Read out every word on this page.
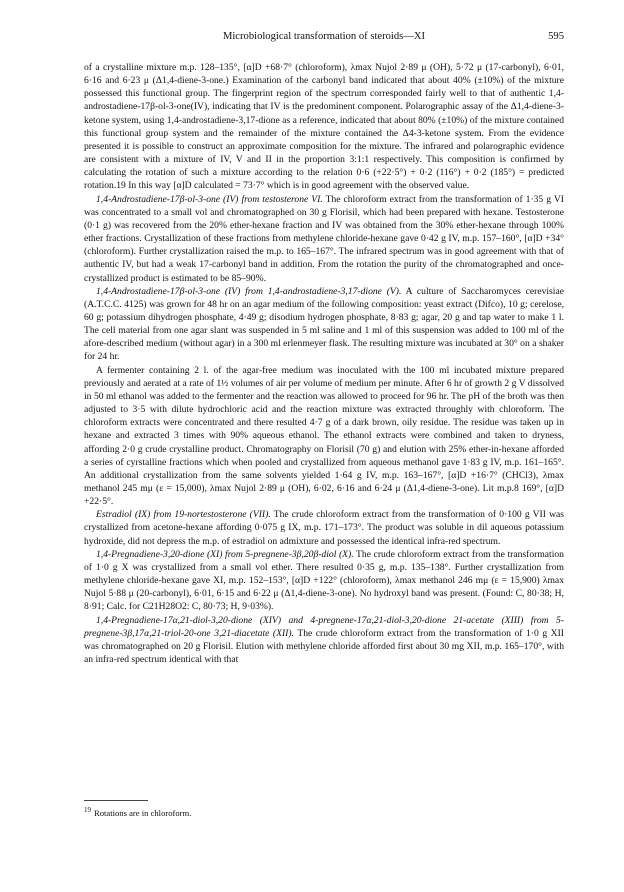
Microbiological transformation of steroids—XI	595

of a crystalline mixture m.p. 128–135°, [α]D +68·7° (chloroform), λmax Nujol 2·89 μ (OH), 5·72 μ (17-carbonyl), 6·01, 6·16 and 6·23 μ (Δ1,4-diene-3-one.) Examination of the carbonyl band indicated that about 40% (±10%) of the mixture possessed this functional group. The fingerprint region of the spectrum corresponded fairly well to that of authentic 1,4-androstadiene-17β-ol-3-one(IV), indicating that IV is the predominent component. Polarographic assay of the Δ1,4-diene-3-ketone system, using 1,4-androstadiene-3,17-dione as a reference, indicated that about 80% (±10%) of the mixture contained this functional group system and the remainder of the mixture contained the Δ4-3-ketone system. From the evidence presented it is possible to construct an approximate composition for the mixture. The infrared and polarographic evidence are consistent with a mixture of IV, V and II in the proportion 3:1:1 respectively. This composition is confirmed by calculating the rotation of such a mixture according to the relation 0·6 (+22·5°) + 0·2 (116°) + 0·2 (185°) = predicted rotation.19 In this way [α]D calculated = 73·7° which is in good agreement with the observed value.

1,4-Androstadiene-17β-ol-3-one (IV) from testosterone VI. The chloroform extract from the transformation of 1·35 g VI was concentrated to a small vol and chromatographed on 30 g Florisil, which had been prepared with hexane. Testosterone (0·1 g) was recovered from the 20% ether-hexane fraction and IV was obtained from the 30% ether-hexane through 100% ether fractions. Crystallization of these fractions from methylene chloride-hexane gave 0·42 g IV, m.p. 157–160°, [α]D +34° (chloroform). Further crystallization raised the m.p. to 165–167°. The infrared spectrum was in good agreement with that of authentic IV, but had a weak 17-carbonyl band in addition. From the rotation the purity of the chromatographed and once-crystallized product is estimated to be 85–90%.

1,4-Androstadiene-17β-ol-3-one (IV) from 1,4-androstadiene-3,17-dione (V). A culture of Saccharomyces cerevisiae (A.T.C.C. 4125) was grown for 48 hr on an agar medium of the following composition: yeast extract (Difco), 10 g; cerelose, 60 g; potassium dihydrogen phosphate, 4·49 g; disodium hydrogen phosphate, 8·83 g; agar, 20 g and tap water to make 1 l. The cell material from one agar slant was suspended in 5 ml saline and 1 ml of this suspension was added to 100 ml of the afore-described medium (without agar) in a 300 ml erlenmeyer flask. The resulting mixture was incubated at 30° on a shaker for 24 hr.

A fermenter containing 2 l. of the agar-free medium was inoculated with the 100 ml incubated mixture prepared previously and aerated at a rate of 1½ volumes of air per volume of medium per minute. After 6 hr of growth 2 g V dissolved in 50 ml ethanol was added to the fermenter and the reaction was allowed to proceed for 96 hr. The pH of the broth was then adjusted to 3·5 with dilute hydrochloric acid and the reaction mixture was extracted throughly with chloroform. The chloroform extracts were concentrated and there resulted 4·7 g of a dark brown, oily residue. The residue was taken up in hexane and extracted 3 times with 90% aqueous ethanol. The ethanol extracts were combined and taken to dryness, affording 2·0 g crude crystalline product. Chromatography on Florisil (70 g) and elution with 25% ether-in-hexane afforded a series of cyrstalline fractions which when pooled and crystallized from aqueous methanol gave 1·83 g IV, m.p. 161–165°. An additional crystallization from the same solvents yielded 1·64 g IV, m.p. 163–167°, [α]D +16·7° (CHCl3), λmax methanol 245 mμ (ε = 15,000), λmax Nujol 2·89 μ (OH), 6·02, 6·16 and 6·24 μ (Δ1,4-diene-3-one). Lit m.p.8 169°, [α]D +22·5°.

Estradiol (IX) from 19-nortestosterone (VII). The crude chloroform extract from the transformation of 0·100 g VII was crystallized from acetone-hexane affording 0·075 g IX, m.p. 171–173°. The product was soluble in dil aqueous potassium hydroxide, did not depress the m.p. of estradiol on admixture and possessed the identical infra-red spectrum.

1,4-Pregnadiene-3,20-dione (XI) from 5-pregnene-3β,20β-diol (X). The crude chloroform extract from the transformation of 1·0 g X was crystallized from a small vol ether. There resulted 0·35 g, m.p. 135–138°. Further crystallization from methylene chloride-hexane gave XI, m.p. 152–153°, [α]D +122° (chloroform), λmax methanol 246 mμ (ε = 15,900) λmax Nujol 5·88 μ (20-carbonyl), 6·01, 6·15 and 6·22 μ (Δ1,4-diene-3-one). No hydroxyl band was present. (Found: C, 80·38; H, 8·91; Calc. for C21H28O2: C, 80·73; H, 9·03%).

1,4-Pregnadiene-17α,21-diol-3,20-dione (XIV) and 4-pregnene-17α,21-diol-3,20-dione 21-acetate (XIII) from 5-pregnene-3β,17α,21-triol-20-one 3,21-diacetate (XII). The crude chloroform extract from the transformation of 1·0 g XII was chromatographed on 20 g Florisil. Elution with methylene chloride afforded first about 30 mg XII, m.p. 165–170°, with an infra-red spectrum identical with that

$^{19}$ Rotations are in chloroform.
